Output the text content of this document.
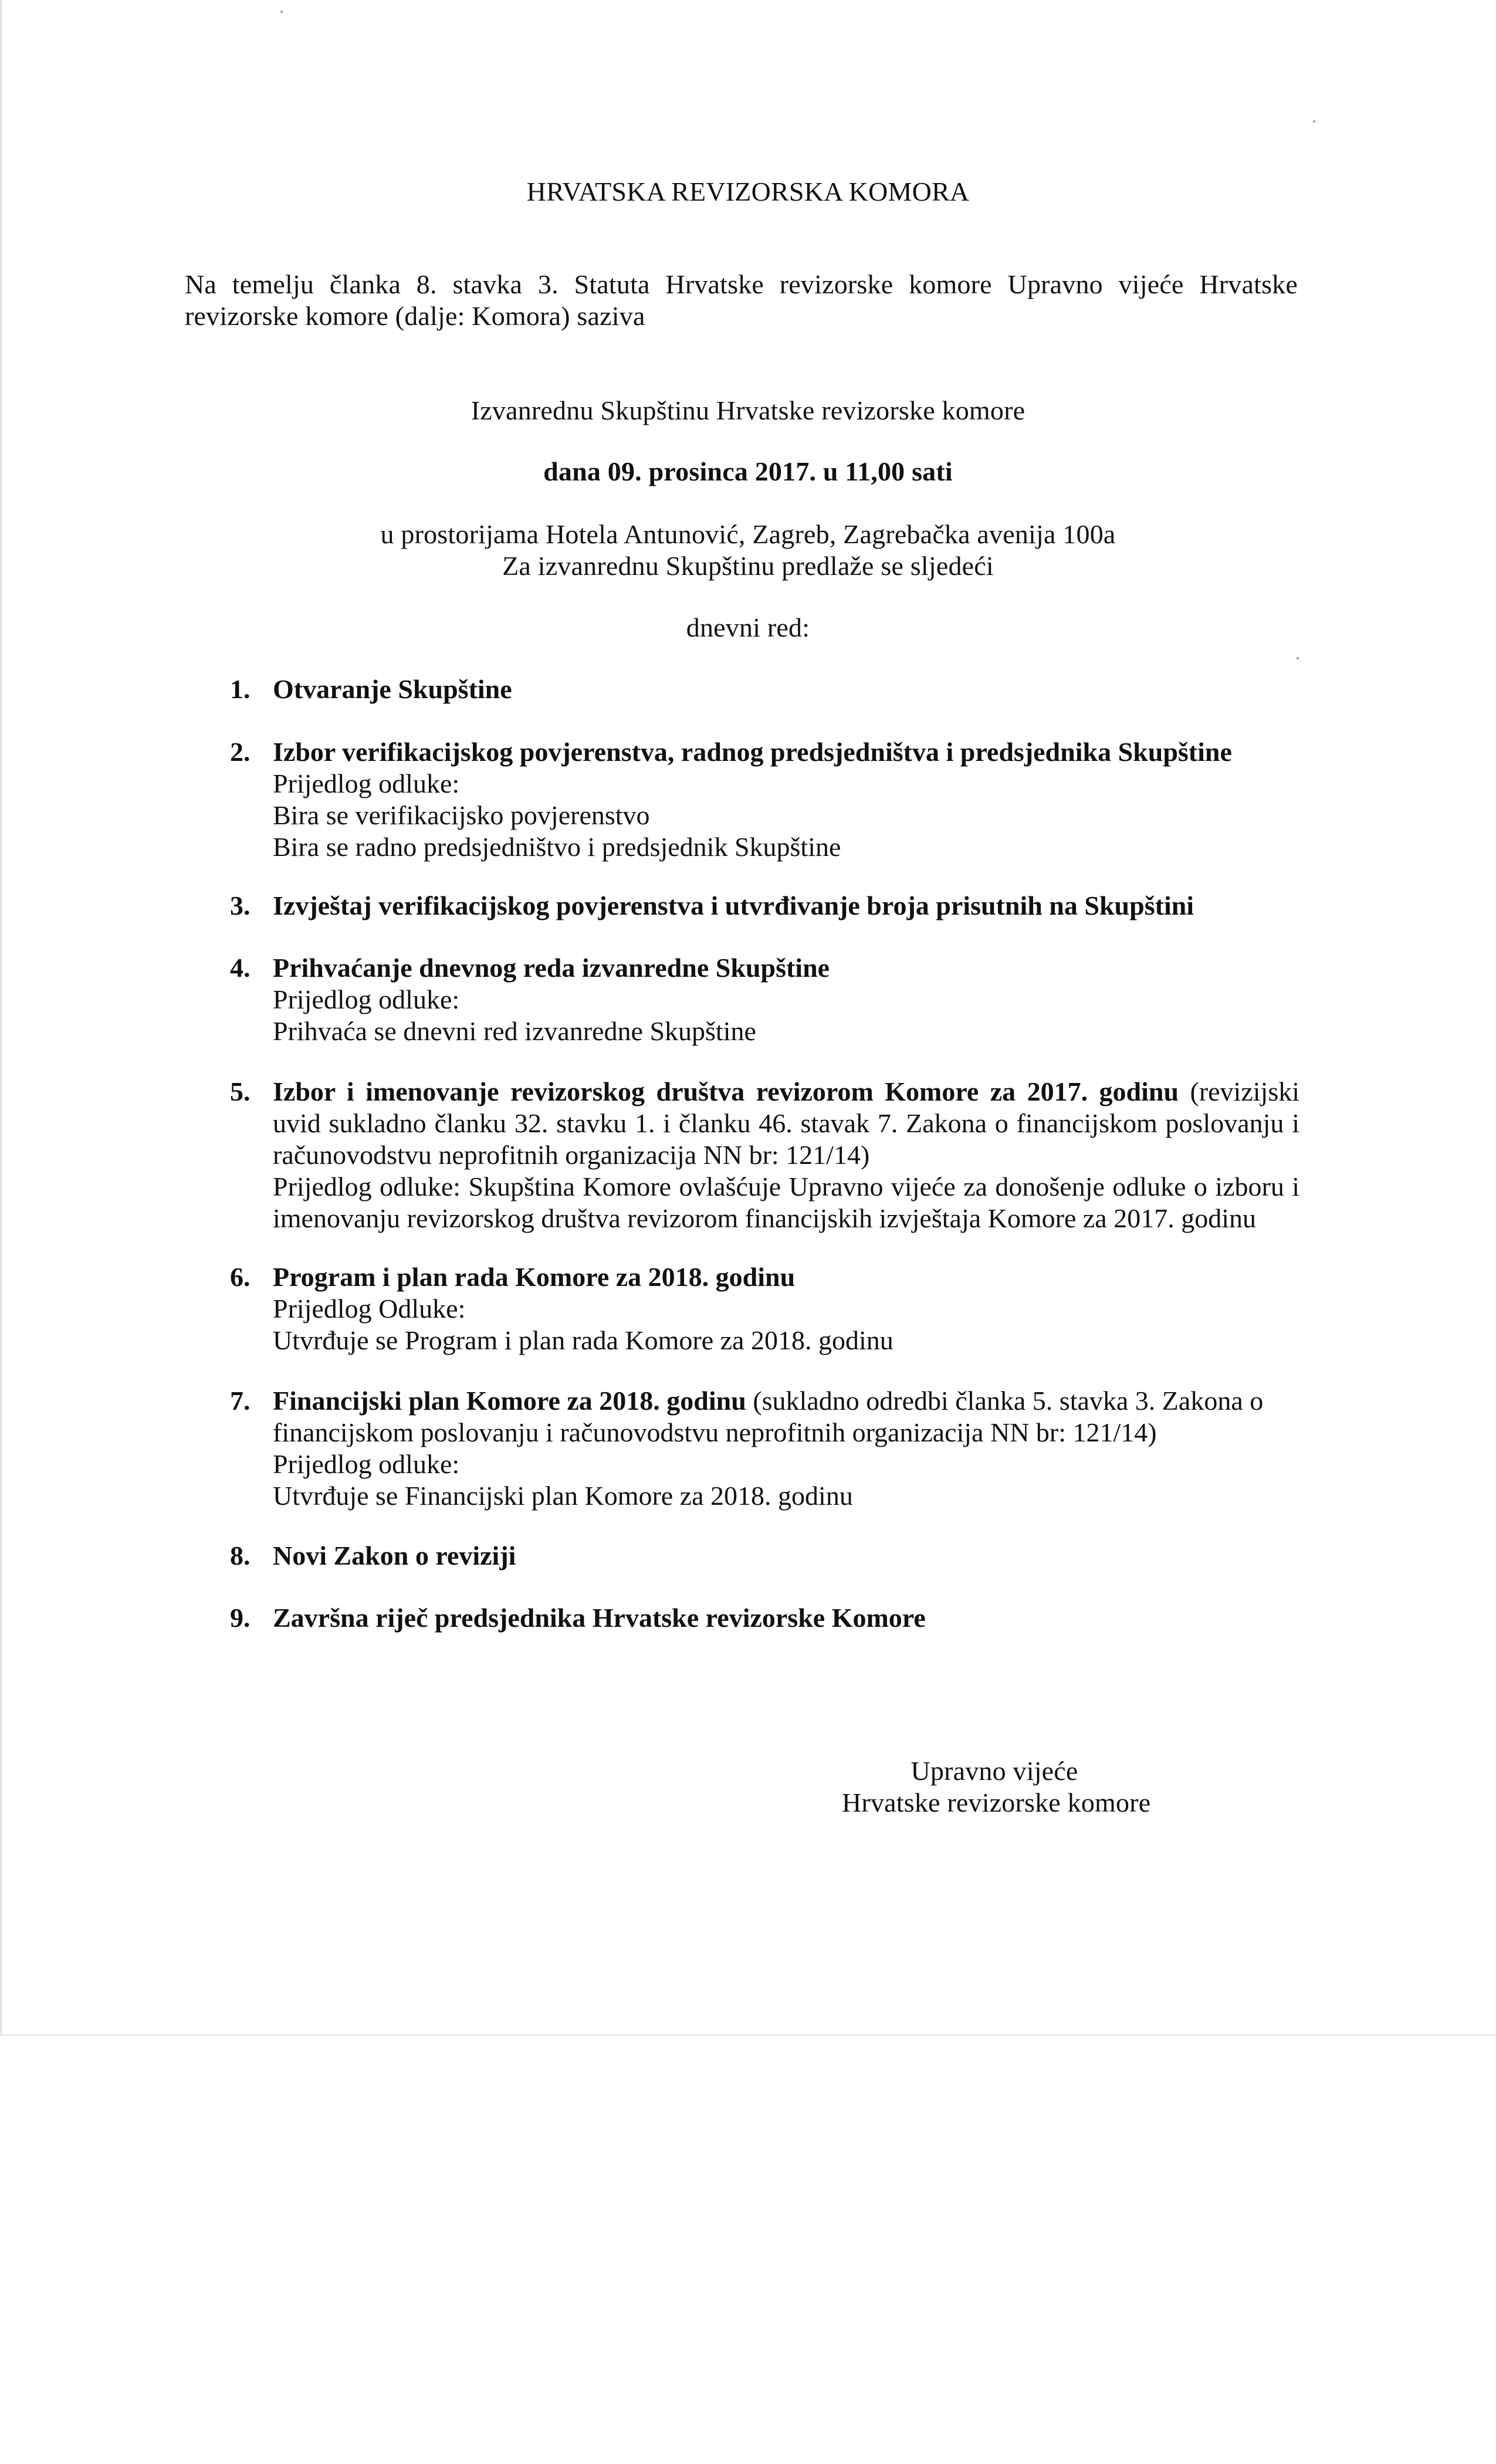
HRVATSKA REVIZORSKA KOMORA
Na temelju članka 8. stavka 3. Statuta Hrvatske revizorske komore Upravno vijeće Hrvatske
revizorske komore (dalje: Komora) saziva
Izvanrednu Skupštinu Hrvatske revizorske komore
dana 09. prosinca 2017. u 11,00 sati
u prostorijama Hotela Antunović, Zagreb, Zagrebačka avenija 100a
Za izvanrednu Skupštinu predlaže se sljedeći
dnevni red:
1. Otvaranje Skupštine
2. Izbor verifikacijskog povjerenstva, radnog predsjedništva i predsjednika Skupštine
Prijedlog odluke:
Bira se verifikacijsko povjerenstvo
Bira se radno predsjedništvo i predsjednik Skupštine
3. Izvještaj verifikacijskog povjerenstva i utvrđivanje broja prisutnih na Skupštini
4. Prihvaćanje dnevnog reda izvanredne Skupštine
Prijedlog odluke:
Prihvaća se dnevni red izvanredne Skupštine
5. Izbor i imenovanje revizorskog društva revizorom Komore za 2017. godinu (revizijski
uvid sukladno članku 32. stavku 1. i članku 46. stavak 7. Zakona o financijskom poslovanju i
računovodstvu neprofitnih organizacija NN br: 121/14)
Prijedlog odluke: Skupština Komore ovlašćuje Upravno vijeće za donošenje odluke o izboru i
imenovanju revizorskog društva revizorom financijskih izvještaja Komore za 2017. godinu
6. Program i plan rada Komore za 2018. godinu
Prijedlog Odluke:
Utvrđuje se Program i plan rada Komore za 2018. godinu
7. Financijski plan Komore za 2018. godinu (sukladno odredbi članka 5. stavka 3. Zakona o
financijskom poslovanju i računovodstvu neprofitnih organizacija NN br: 121/14)
Prijedlog odluke:
Utvrđuje se Financijski plan Komore za 2018. godinu
8. Novi Zakon o reviziji
9. Završna riječ predsjednika Hrvatske revizorske Komore
Upravno vijeće
Hrvatske revizorske komore
